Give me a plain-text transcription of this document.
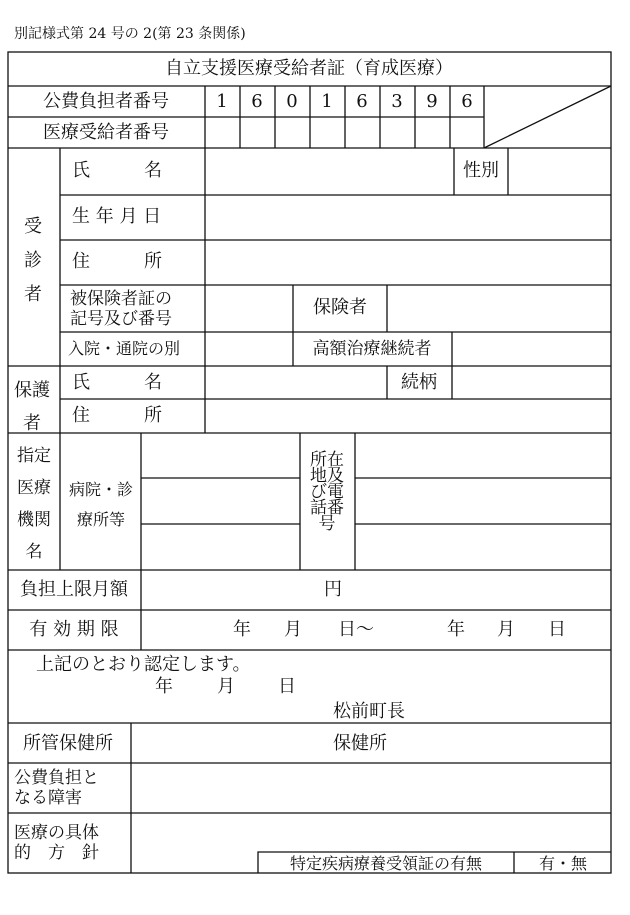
別記様式第 24 号の 2(第 23 条関係)
自立支援医療受給者証（育成医療）
公費負担者番号	1 6 0 1 6 3 9 6
医療受給者番号
受診者
氏　　　名	性別
生 年 月 日
住　　　所
被保険者証の
記号及び番号
保険者
入院・通院の別	高額治療継続者
保護者
氏　　　名	続柄
住　　　所
指定医療機関名
病院・診療所等
所在地及び電話番号
負担上限月額	円
有 効 期 限	年 月 日〜	年 月 日
上記のとおり認定します。
年 月 日
松前町長
所管保健所	保健所
公費負担と
なる障害
医療の具体
的　方　針
特定疾病療養受領証の有無	有・無
